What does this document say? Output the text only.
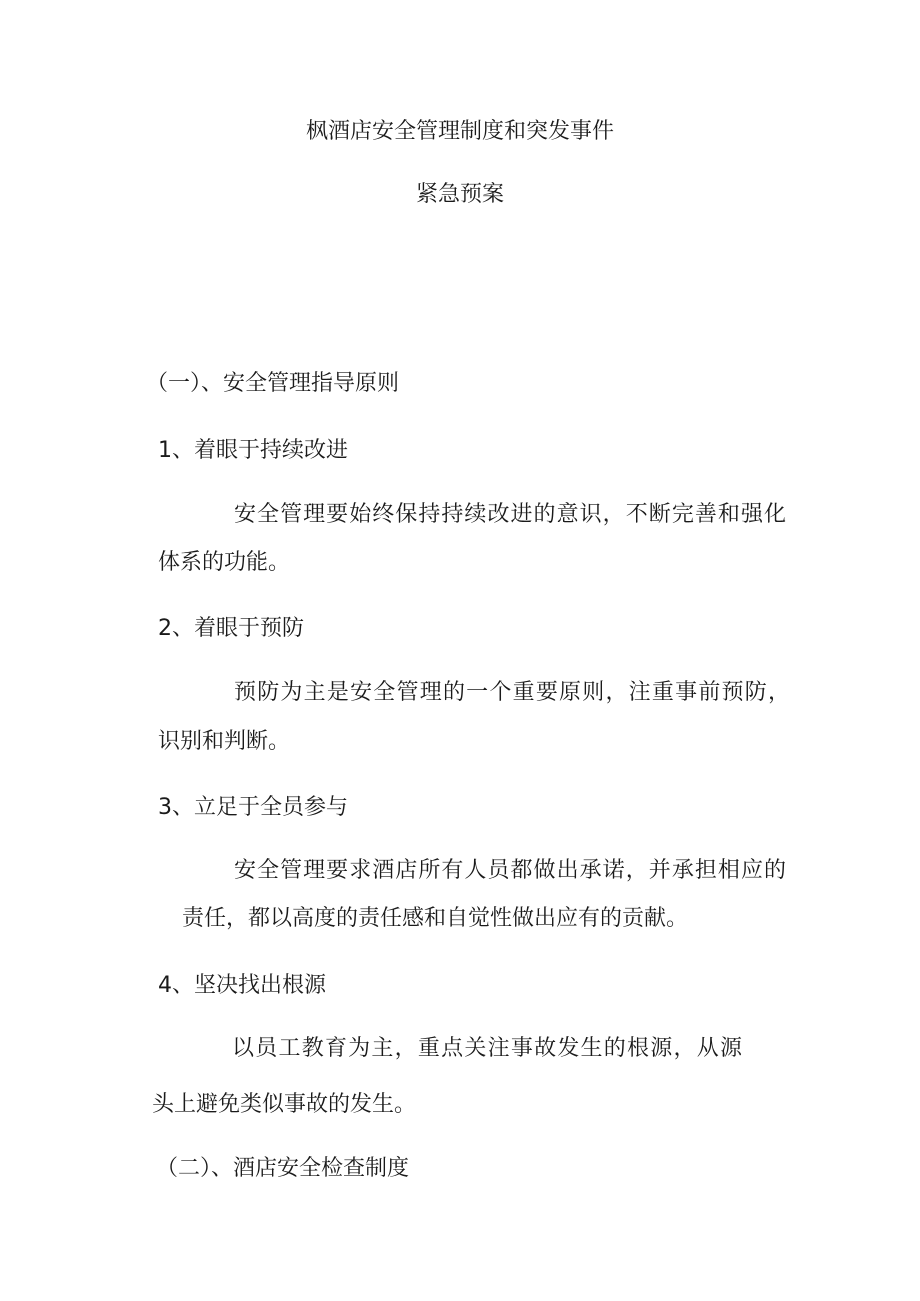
枫酒店安全管理制度和突发事件
紧急预案
（一）、安全管理指导原则
1、着眼于持续改进
安全管理要始终保持持续改进的意识，不断完善和强化
体系的功能。
2、着眼于预防
预防为主是安全管理的一个重要原则，注重事前预防，
识别和判断。
3、立足于全员参与
安全管理要求酒店所有人员都做出承诺，并承担相应的
责任，都以高度的责任感和自觉性做出应有的贡献。
4、坚决找出根源
以员工教育为主，重点关注事故发生的根源，从源
头上避免类似事故的发生。
（二）、酒店安全检查制度
